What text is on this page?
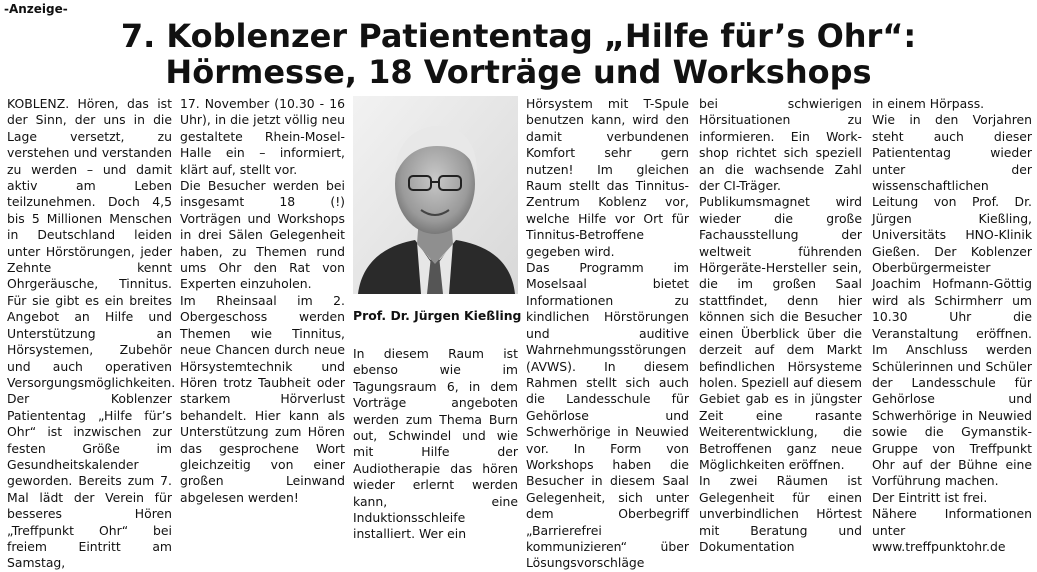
-Anzeige-
7. Koblenzer Patiententag „Hilfe für’s Ohr“:
Hörmesse, 18 Vorträge und Workshops

KOBLENZ. Hören, das ist der Sinn, der uns in die Lage versetzt, zu verstehen und verstanden zu werden – und damit aktiv am Leben teilzunehmen. Doch 4,5 bis 5 Millionen Menschen in Deutschland leiden unter Hörstörungen, jeder Zehnte kennt Ohrgeräusche, Tinnitus. Für sie gibt es ein breites Angebot an Hilfe und Unterstützung an Hörsystemen, Zubehör und auch operativen Versorgungsmöglichkeiten. Der Koblenzer Patiententag „Hilfe für’s Ohr“ ist inzwischen zur festen Größe im Gesundheitskalender geworden. Bereits zum 7. Mal lädt der Verein für besseres Hören „Treffpunkt Ohr“ bei freiem Eintritt am Samstag,

17. November (10.30 - 16 Uhr), in die jetzt völlig neu gestaltete Rhein-Mosel-Halle ein – informiert, klärt auf, stellt vor.

Die Besucher werden bei insgesamt 18 (!) Vorträgen und Workshops in drei Sälen Gelegenheit haben, zu Themen rund ums Ohr den Rat von Experten einzuholen.

Im Rheinsaal im 2. Obergeschoss werden Themen wie Tinnitus, neue Chancen durch neue Hörsystemtechnik und Hören trotz Taubheit oder starkem Hörverlust behandelt. Hier kann als Unterstützung zum Hören das gesprochene Wort gleichzeitig von einer großen Leinwand abgelesen werden!

Prof. Dr. Jürgen Kießling

In diesem Raum ist ebenso wie im Tagungsraum 6, in dem Vorträge angeboten werden zum Thema Burn out, Schwindel und wie mit Hilfe der Audiotherapie das hören wieder erlernt werden kann, eine Induktionsschleife installiert. Wer ein

Hörsystem mit T-Spule benutzen kann, wird den damit verbundenen Komfort sehr gern nutzen! Im gleichen Raum stellt das Tinnitus-Zentrum Koblenz vor, welche Hilfe vor Ort für Tinnitus-Betroffene gegeben wird.

Das Programm im Moselsaal bietet Informationen zu kindlichen Hörstörungen und auditive Wahrnehmungsstörungen (AVWS). In diesem Rahmen stellt sich auch die Landesschule für Gehörlose und Schwerhörige in Neuwied vor. In Form von Workshops haben die Besucher in diesem Saal Gelegenheit, sich unter dem Oberbegriff „Barrierefrei kommunizieren“ über Lösungsvorschläge

bei schwierigen Hörsituationen zu informieren. Ein Work-shop richtet sich speziell an die wachsende Zahl der CI-Träger.

Publikumsmagnet wird wieder die große Fachausstellung der weltweit führenden Hörgeräte-Hersteller sein, die im großen Saal stattfindet, denn hier können sich die Besucher einen Überblick über die derzeit auf dem Markt befindlichen Hörsysteme holen. Speziell auf diesem Gebiet gab es in jüngster Zeit eine rasante Weiterentwicklung, die Betroffenen ganz neue Möglichkeiten eröffnen.

In zwei Räumen ist Gelegenheit für einen unverbindlichen Hörtest mit Beratung und Dokumentation

in einem Hörpass.

Wie in den Vorjahren steht auch dieser Patiententag wieder unter der wissenschaftlichen Leitung von Prof. Dr. Jürgen Kießling, Universitäts HNO-Klinik Gießen. Der Koblenzer Oberbürgermeister Joachim Hofmann-Göttig wird als Schirmherr um 10.30 Uhr die Veranstaltung eröffnen. Im Anschluss werden Schülerinnen und Schüler der Landesschule für Gehörlose und Schwerhörige in Neuwied sowie die Gymanstik-Gruppe von Treffpunkt Ohr auf der Bühne eine Vorführung machen.

Der Eintritt ist frei.

Nähere Informationen unter www.treffpunktohr.de
